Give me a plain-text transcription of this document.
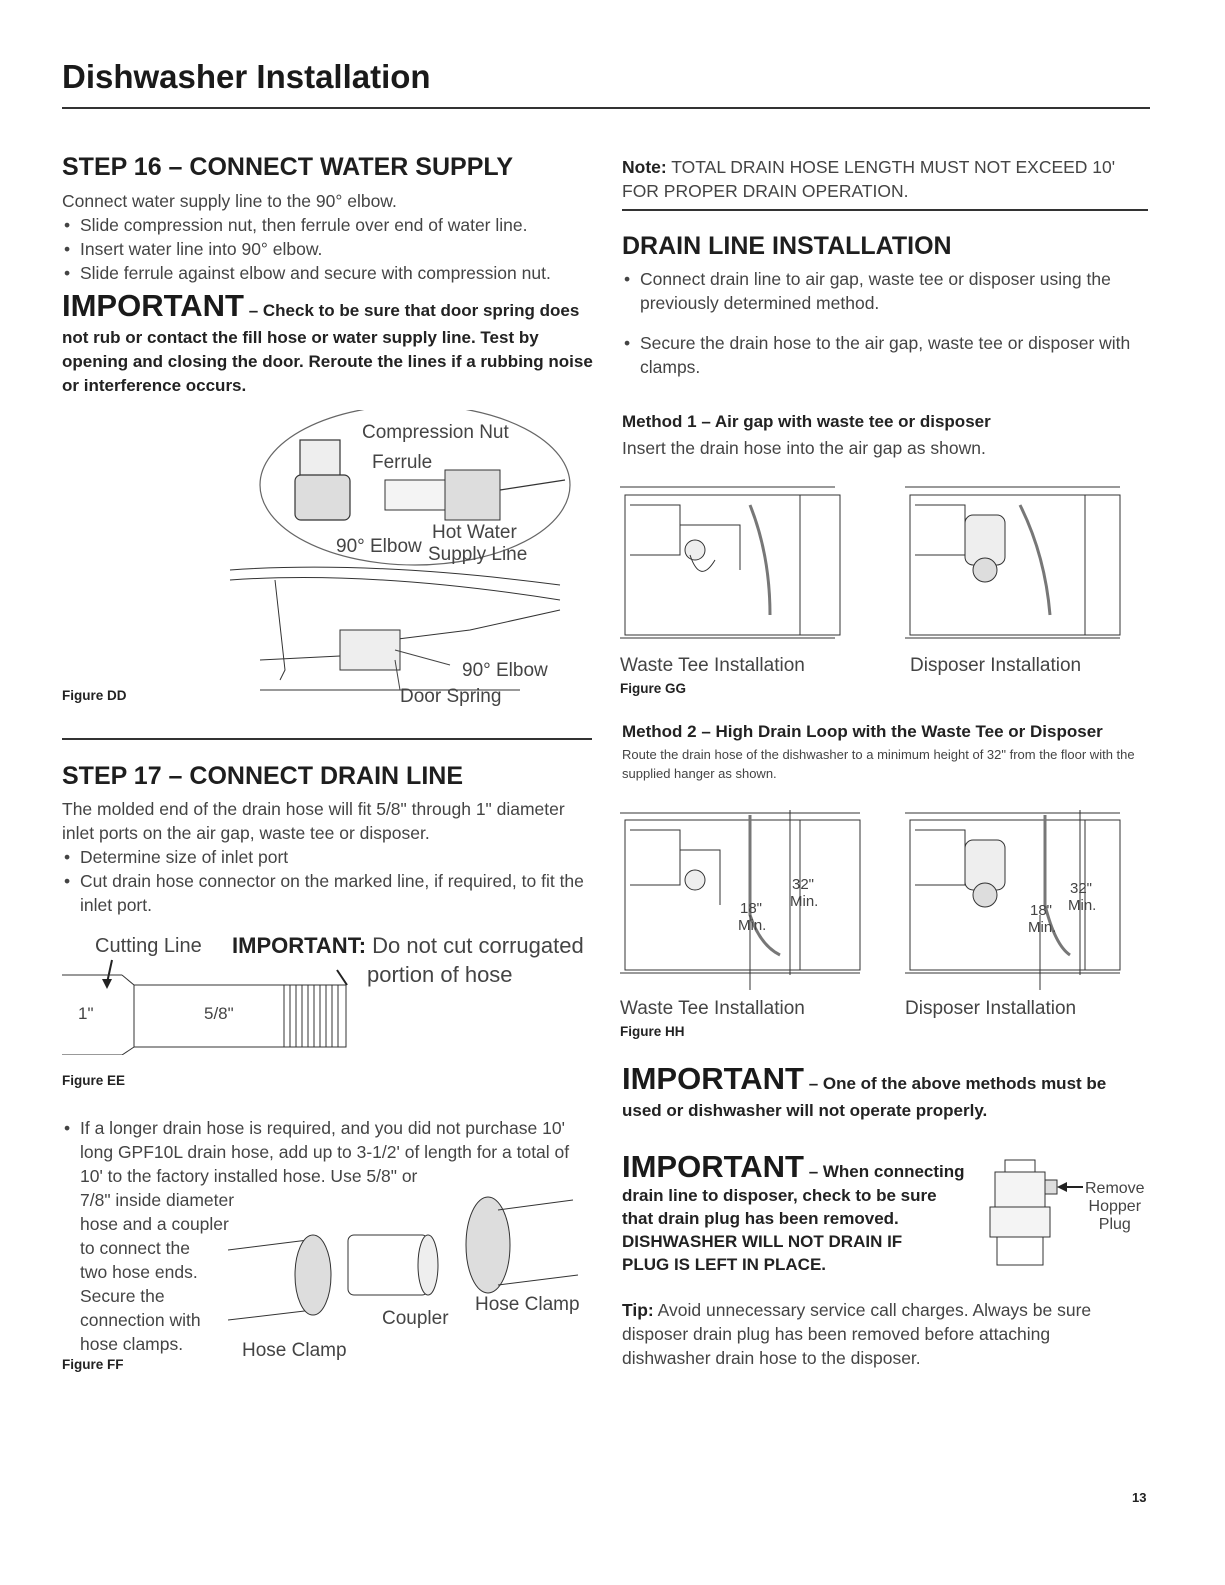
Dishwasher Installation
STEP 16 – CONNECT WATER SUPPLY
Connect water supply line to the 90° elbow.
• Slide compression nut, then ferrule over end of water line.
• Insert water line into 90° elbow.
• Slide ferrule against elbow and secure with compression nut.
IMPORTANT – Check to be sure that door spring does
not rub or contact the fill hose or water supply line. Test by opening and closing the door. Reroute the lines if a rubbing noise or interference occurs.
Compression Nut
Ferrule
Hot Water
90° Elbow Supply Line
90° Elbow
Door Spring
Figure DD
STEP 17 – CONNECT DRAIN LINE
The molded end of the drain hose will fit 5/8" through 1" diameter inlet ports on the air gap, waste tee or disposer.
• Determine size of inlet port
• Cut drain hose connector on the marked line, if required, to fit the inlet port.
Cutting Line IMPORTANT: Do not cut corrugated
portion of hose
1"	5/8"
Figure EE
• If a longer drain hose is required, and you did not purchase 10' long GPF10L drain hose, add up to 3-1/2' of length for a total of 10' to the factory installed hose. Use 5/8" or
7/8" inside diameter
hose and a coupler
to connect the
two hose ends.
Secure the
connection with
hose clamps.	Hose Clamp
Coupler
Hose Clamp
Figure FF
Note: TOTAL DRAIN HOSE LENGTH MUST NOT EXCEED 10' FOR PROPER DRAIN OPERATION.
DRAIN LINE INSTALLATION
• Connect drain line to air gap, waste tee or disposer using the previously determined method.
• Secure the drain hose to the air gap, waste tee or disposer with clamps.
Method 1 – Air gap with waste tee or disposer
Insert the drain hose into the air gap as shown.
Waste Tee Installation	Disposer Installation
Figure GG
Method 2 – High Drain Loop with the Waste Tee or Disposer
Route the drain hose of the dishwasher to a minimum height of 32" from the floor with the supplied hanger as shown.
32"
Min.
18"
Min.
32"
Min.
18"
Min.
Waste Tee Installation	Disposer Installation
Figure HH
IMPORTANT – One of the above methods must be
used or dishwasher will not operate properly.
IMPORTANT – When connecting
drain line to disposer, check to be sure
that drain plug has been removed.
DISHWASHER WILL NOT DRAIN IF
PLUG IS LEFT IN PLACE.
Remove
Hopper
Plug
Tip: Avoid unnecessary service call charges. Always be sure disposer drain plug has been removed before attaching dishwasher drain hose to the disposer.
13
